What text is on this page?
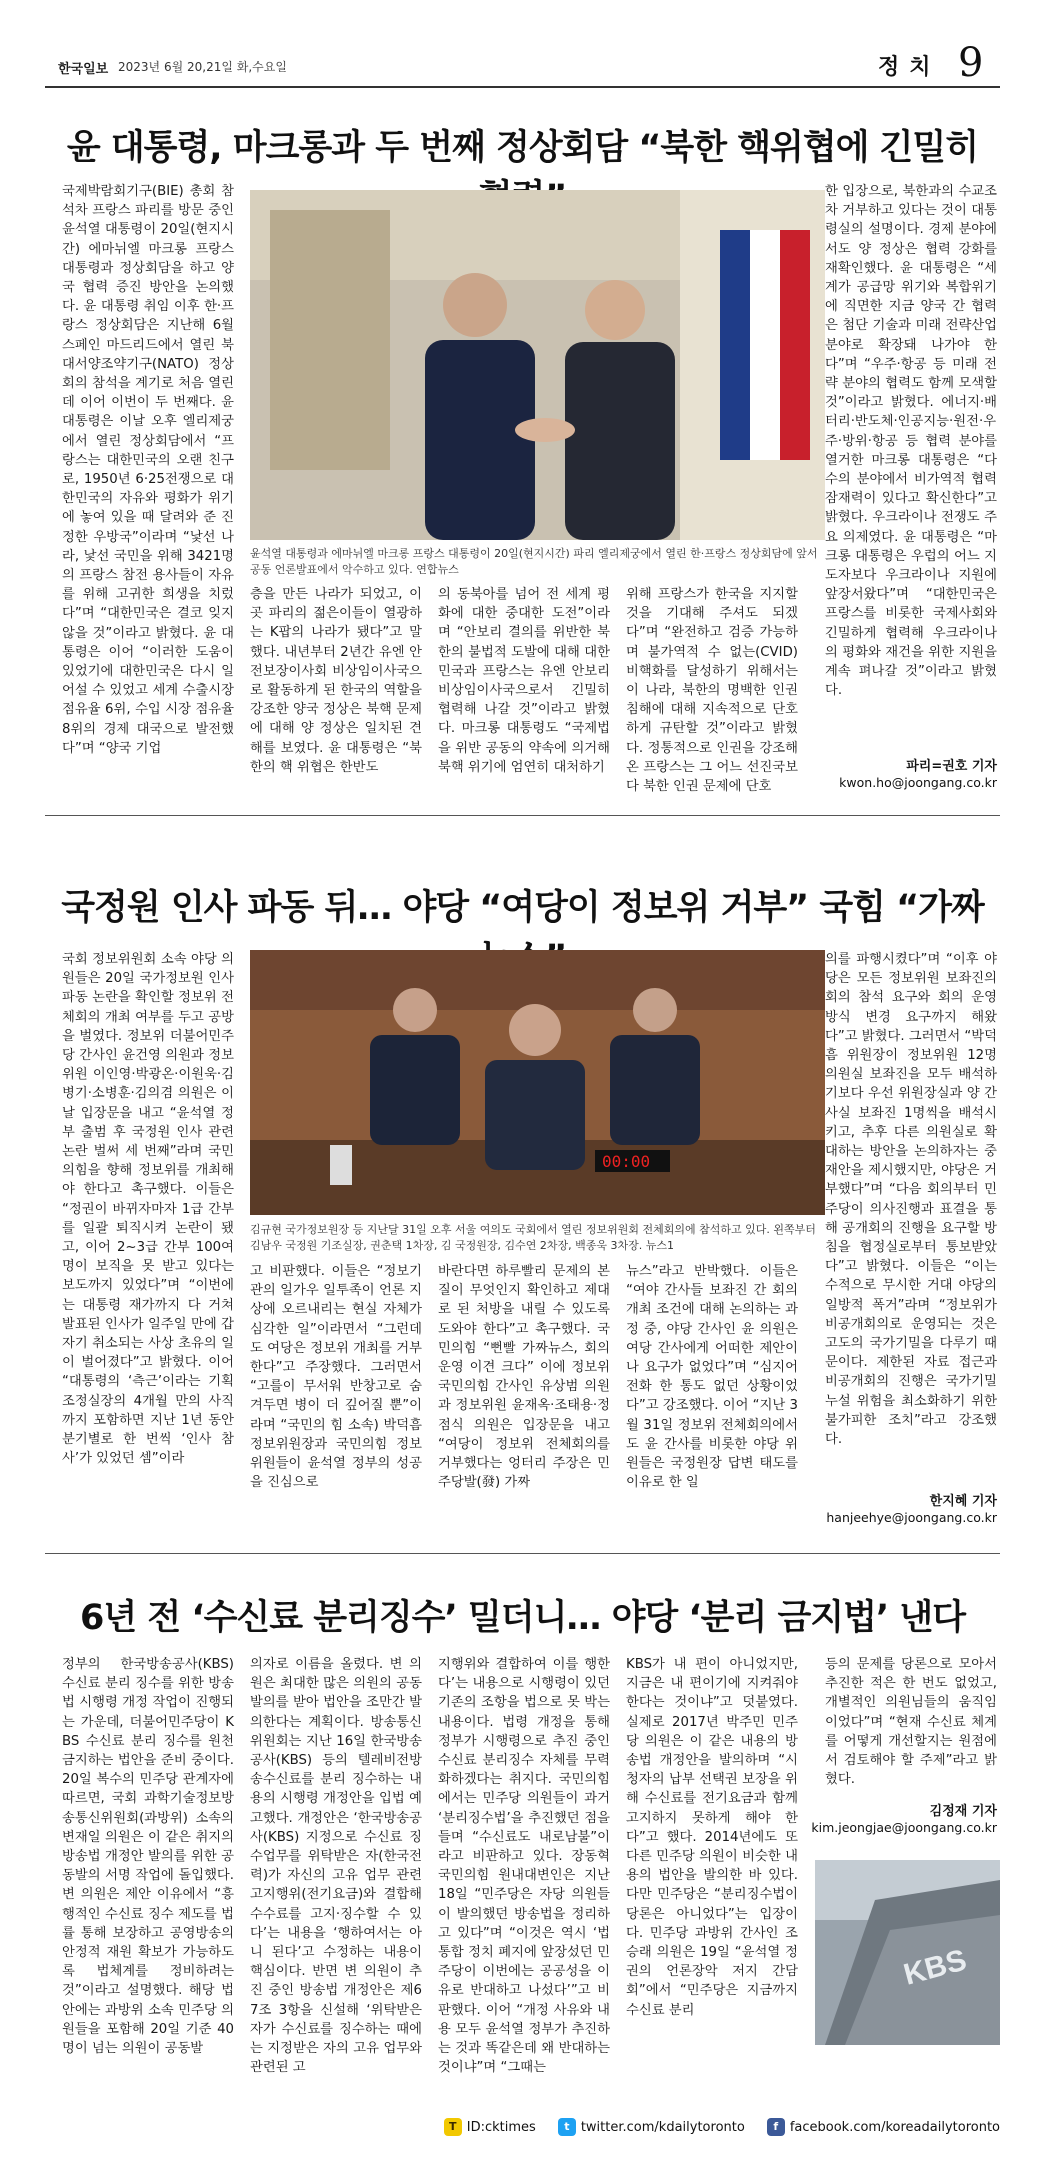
한국일보 2023년 6월 20,21일 화,수요일	정치 9
윤 대통령, 마크롱과 두 번째 정상회담 “북한 핵위협에 긴밀히
국제박람회기구(BIE) 총회 참석차 프랑스 파리를 방문 중인 윤석열 대통령이 20일(현지시간) 에마뉘엘 마크롱 프랑스 대통령과 정상회담을 하고 양국 협력 증진 방안을 논의했다. 윤 대통령 취임 이후 한·프랑스 정상회담은 지난해 6월 스페인 마드리드에서 열린 북대서양조약기구(NATO) 정상회의 참석을 계기로 처음 열린 데 이어 이번이 두 번째다. 윤 대통령은 이날 오후 엘리제궁에서 열린 정상회담에서 “프랑스는 대한민국의 오랜 친구로, 1950년 6·25전쟁으로 대한민국의 자유와 평화가 위기에 놓여 있을 때 달려와 준 진정한 우방국”이라며 “낯선 나라, 낯선 국민을 위해 3421명의 프랑스 참전 용사들이 자유를 위해 고귀한 희생을 치렀다”며 “대한민국은 결코 잊지 않을 것”이라고 밝혔다. 윤 대통령은 이어 “이러한 도움이 있었기에 대한민국은 다시 일어설 수 있었고 세계 수출시장 점유율 6위, 수입 시장 점유율 8위의 경제 대국으로 발전했다”며 “양국 기업
윤석열 대통령과 에마뉘엘 마크롱 프랑스 대통령이 20일(현지시간) 파리 엘리제궁에서 열린 한·프랑스 정상회담에 앞서 공동 언론발표에서 악수하고 있다. 연합뉴스
층을 만든 나라가 되었고, 이곳 파리의 젊은이들이 열광하는 K팝의 나라가 됐다”고 말했다. 내년부터 2년간 유엔 안전보장이사회 비상임이사국으로 활동하게 된 한국의 역할을 강조한 양국 정상은 북핵 문제에 대해 양 정상은 일치된 견해를 보였다. 윤 대통령은 “북한의 핵 위협은 한반도
의 동북아를 넘어 전 세계 평화에 대한 중대한 도전”이라며 “안보리 결의를 위반한 북한의 불법적 도발에 대해 대한민국과 프랑스는 유엔 안보리 비상임이사국으로서 긴밀히 협력해 나갈 것”이라고 밝혔다. 마크롱 대통령도 “국제법을 위반 공동의 약속에 의거해 북핵 위기에 엄연히 대처하기
위해 프랑스가 한국을 지지할 것을 기대해 주셔도 되겠다”며 “완전하고 검증 가능하며 불가역적 수 없는(CVID) 비핵화를 달성하기 위해서는 이 나라, 북한의 명백한 인권침해에 대해 지속적으로 단호하게 규탄할 것”이라고 밝혔다. 정통적으로 인권을 강조해 온 프랑스는 그 어느 선진국보다 북한 인권 문제에 단호
한 입장으로, 북한과의 수교조차 거부하고 있다는 것이 대통령실의 설명이다. 경제 분야에서도 양 정상은 협력 강화를 재확인했다. 윤 대통령은 “세계가 공급망 위기와 복합위기에 직면한 지금 양국 간 협력은 첨단 기술과 미래 전략산업 분야로 확장돼 나가야 한다”며 “우주·항공 등 미래 전략 분야의 협력도 함께 모색할 것”이라고 밝혔다. 에너지·배터리·반도체·인공지능·원전·우주·방위·항공 등 협력 분야를 열거한 마크롱 대통령은 “다수의 분야에서 비가역적 협력 잠재력이 있다고 확신한다”고 밝혔다. 우크라이나 전쟁도 주요 의제였다. 윤 대통령은 “마크롱 대통령은 우럽의 어느 지도자보다 우크라이나 지원에 앞장서왔다”며 “대한민국은 프랑스를 비롯한 국제사회와 긴밀하게 협력해 우크라이나의 평화와 재건을 위한 지원을 계속 펴나갈 것”이라고 밝혔다.
파리=권호 기자
kwon.ho@joongang.co.kr
국정원 인사 파동 뒤… 야당 “여당이 정보위 거부” 국힘 “가짜
국회 정보위원회 소속 야당 의원들은 20일 국가정보원 인사 파동 논란을 확인할 정보위 전체회의 개최 여부를 두고 공방을 벌였다. 정보위 더불어민주당 간사인 윤건영 의원과 정보위원 이인영·박광온·이원욱·김병기·소병훈·김의겸 의원은 이날 입장문을 내고 “윤석열 정부 출범 후 국정원 인사 관련 논란 벌써 세 번째”라며 국민의힘을 향해 정보위를 개최해야 한다고 촉구했다. 이들은 “정권이 바뀌자마자 1급 간부를 일괄 퇴직시켜 논란이 됐고, 이어 2~3급 간부 100여명이 보직을 못 받고 있다는 보도까지 있었다”며 “이번에는 대통령 재가까지 다 거쳐 발표된 인사가 일주일 만에 갑자기 취소되는 사상 초유의 일이 벌어졌다”고 밝혔다. 이어 “대통령의 ‘측근’이라는 기획조정실장의 4개월 만의 사직까지 포함하면 지난 1년 동안 분기별로 한 번씩 ‘인사 참사’가 있었던 셈”이라
00:00
김규현 국가정보원장 등 지난달 31일 오후 서울 여의도 국회에서 열린 정보위원회 전체회의에 참석하고 있다. 왼쪽부터 김남우 국정원 기조실장, 권춘택 1차장, 김 국정원장, 김수연 2차장, 백종욱 3차장. 뉴스1
고 비판했다. 이들은 “정보기관의 일가우 일투족이 언론 지상에 오르내리는 현실 자체가 심각한 일”이라면서 “그런데도 여당은 정보위 개최를 거부한다”고 주장했다. 그러면서 “고를이 무서워 반창고로 숨겨두면 병이 더 깊어질 뿐”이라며 “국민의 힘 소속) 박덕흠 정보위원장과 국민의힘 정보위원들이 윤석열 정부의 성공을 진심으로
바란다면 하루빨리 문제의 본질이 무엇인지 확인하고 제대로 된 처방을 내릴 수 있도록 도와야 한다”고 촉구했다. 국민의힘 “뻔빨 가짜뉴스, 회의 운영 이견 크다” 이에 정보위 국민의힘 간사인 유상범 의원과 정보위원 윤재옥·조태용·정점식 의원은 입장문을 내고 “여당이 정보위 전체회의를 거부했다는 엉터리 주장은 민주당발(發) 가짜
뉴스”라고 반박했다. 이들은 “여야 간사들 보좌진 간 회의 개최 조건에 대해 논의하는 과정 중, 야당 간사인 윤 의원은 여당 간사에게 어떠한 제안이나 요구가 없었다”며 “심지어 전화 한 통도 없던 상황이었다”고 강조했다. 이어 “지난 3월 31일 정보위 전체회의에서도 윤 간사를 비롯한 야당 위원들은 국정원장 답변 태도를 이유로 한 일
의를 파행시켰다”며 “이후 야당은 모든 정보위원 보좌진의 회의 참석 요구와 회의 운영 방식 변경 요구까지 해왔다”고 밝혔다. 그러면서 “박덕흠 위원장이 정보위원 12명 의원실 보좌진을 모두 배석하기보다 우선 위원장실과 양 간사실 보좌진 1명씩을 배석시키고, 추후 다른 의원실로 확대하는 방안을 논의하자는 중재안을 제시했지만, 야당은 거부했다”며 “다음 회의부터 민주당이 의사진행과 표결을 통해 공개회의 진행을 요구할 방침을 협정실로부터 통보받았다”고 밝혔다. 이들은 “이는 수적으로 무시한 거대 야당의 일방적 폭거”라며 “정보위가 비공개회의로 운영되는 것은 고도의 국가기밀을 다루기 때문이다. 제한된 자료 접근과 비공개회의 진행은 국가기밀 누설 위험을 최소화하기 위한 불가피한 조치”라고 강조했다.
한지혜 기자
hanjeehye@joongang.co.kr
6년 전 ‘수신료 분리징수’ 밀더니… 야당 ‘분리 금지법’ 낸다
정부의 한국방송공사(KBS) 수신료 분리 징수를 위한 방송법 시행령 개정 작업이 진행되는 가운데, 더불어민주당이 KBS 수신료 분리 징수를 원천 금지하는 법안을 준비 중이다. 20일 복수의 민주당 관계자에 따르면, 국회 과학기술정보방송통신위원회(과방위) 소속의 변재일 의원은 이 같은 취지의 방송법 개정안 발의를 위한 공동발의 서명 작업에 돌입했다. 변 의원은 제안 이유에서 “흥행적인 수신료 징수 제도를 법률 통해 보장하고 공영방송의 안정적 재원 확보가 가능하도록 법체계를 정비하려는 것”이라고 설명했다. 해당 법안에는 과방위 소속 민주당 의원들을 포함해 20일 기준 40명이 넘는 의원이 공동발
의자로 이름을 올렸다. 변 의원은 최대한 많은 의원의 공동 발의를 받아 법안을 조만간 발의한다는 계획이다. 방송통신위원회는 지난 16일 한국방송공사(KBS) 등의 텔레비전방송수신료를 분리 징수하는 내용의 시행령 개정안을 입법 예고했다. 개정안은 ‘한국방송공사(KBS) 지정으로 수신료 징수업무를 위탁받은 자(한국전력)가 자신의 고유 업무 관련 고지행위(전기요금)와 결합해 수수료를 고지·징수할 수 있다’는 내용을 ‘행하여서는 아니 된다’고 수정하는 내용이 핵심이다. 반면 변 의원이 추진 중인 방송법 개정안은 제67조 3항을 신설해 ‘위탁받은 자가 수신료를 징수하는 때에는 지정받은 자의 고유 업무와 관련된 고
지행위와 결합하여 이를 행한다’는 내용으로 시행령이 있던 기존의 조항을 법으로 못 박는 내용이다. 법령 개정을 통해 정부가 시행령으로 추진 중인 수신료 분리징수 자체를 무력화하겠다는 취지다. 국민의힘에서는 민주당 의원들이 과거 ‘분리징수법’을 추진했던 점을 들며 “수신료도 내로남불”이라고 비판하고 있다. 장동혁 국민의힘 원내대변인은 지난 18일 “민주당은 자당 의원들이 발의했던 방송법을 정리하고 있다”며 “이것은 역시 ‘법 통합 정치 폐지에 앞장섰던 민주당이 이번에는 공공성을 이유로 반대하고 나섰다’”고 비판했다. 이어 “개정 사유와 내용 모두 윤석열 정부가 추진하는 것과 똑같은데 왜 반대하는 것이냐”며 “그때는
KBS가 내 편이 아니었지만, 지금은 내 편이기에 지켜줘야 한다는 것이냐”고 덧붙였다. 실제로 2017년 박주민 민주당 의원은 이 같은 내용의 방송법 개정안을 발의하며 “시청자의 납부 선택권 보장을 위해 수신료를 전기요금과 함께 고지하지 못하게 해야 한다”고 했다. 2014년에도 또다른 민주당 의원이 비슷한 내용의 법안을 발의한 바 있다. 다만 민주당은 “분리징수법이 당론은 아니었다”는 입장이다. 민주당 과방위 간사인 조승래 의원은 19일 “윤석열 정권의 언론장악 저지 간담회”에서 “민주당은 지금까지 수신료 분리
등의 문제를 당론으로 모아서 추진한 적은 한 번도 없었고, 개별적인 의원님들의 움직임이었다”며 “현재 수신료 체계를 어떻게 개선할지는 원점에서 검토해야 할 주제”라고 밝혔다.
김정재 기자
kim.jeongjae@joongang.co.kr
KBS
T ID:cktimes	t twitter.com/kdailytoronto	f facebook.com/koreadailytoronto
